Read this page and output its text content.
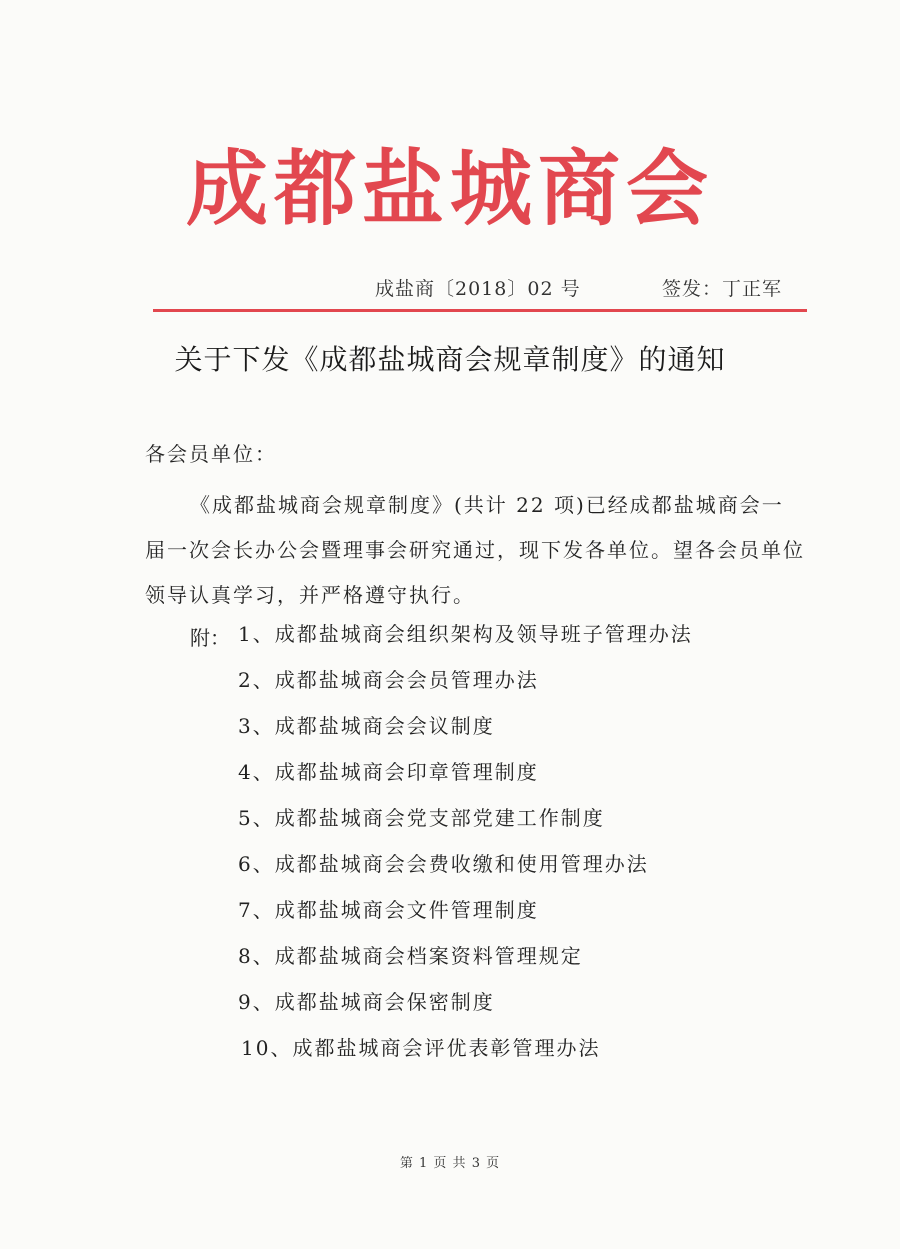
成都盐城商会
成盐商〔2018〕02 号	签发：丁正军
关于下发《成都盐城商会规章制度》的通知
各会员单位：
《成都盐城商会规章制度》(共计 22 项)已经成都盐城商会一届一次会长办公会暨理事会研究通过，现下发各单位。望各会员单位领导认真学习，并严格遵守执行。
附： 1、成都盐城商会组织架构及领导班子管理办法
2、成都盐城商会会员管理办法
3、成都盐城商会会议制度
4、成都盐城商会印章管理制度
5、成都盐城商会党支部党建工作制度
6、成都盐城商会会费收缴和使用管理办法
7、成都盐城商会文件管理制度
8、成都盐城商会档案资料管理规定
9、成都盐城商会保密制度
10、成都盐城商会评优表彰管理办法
第 1 页 共 3 页
